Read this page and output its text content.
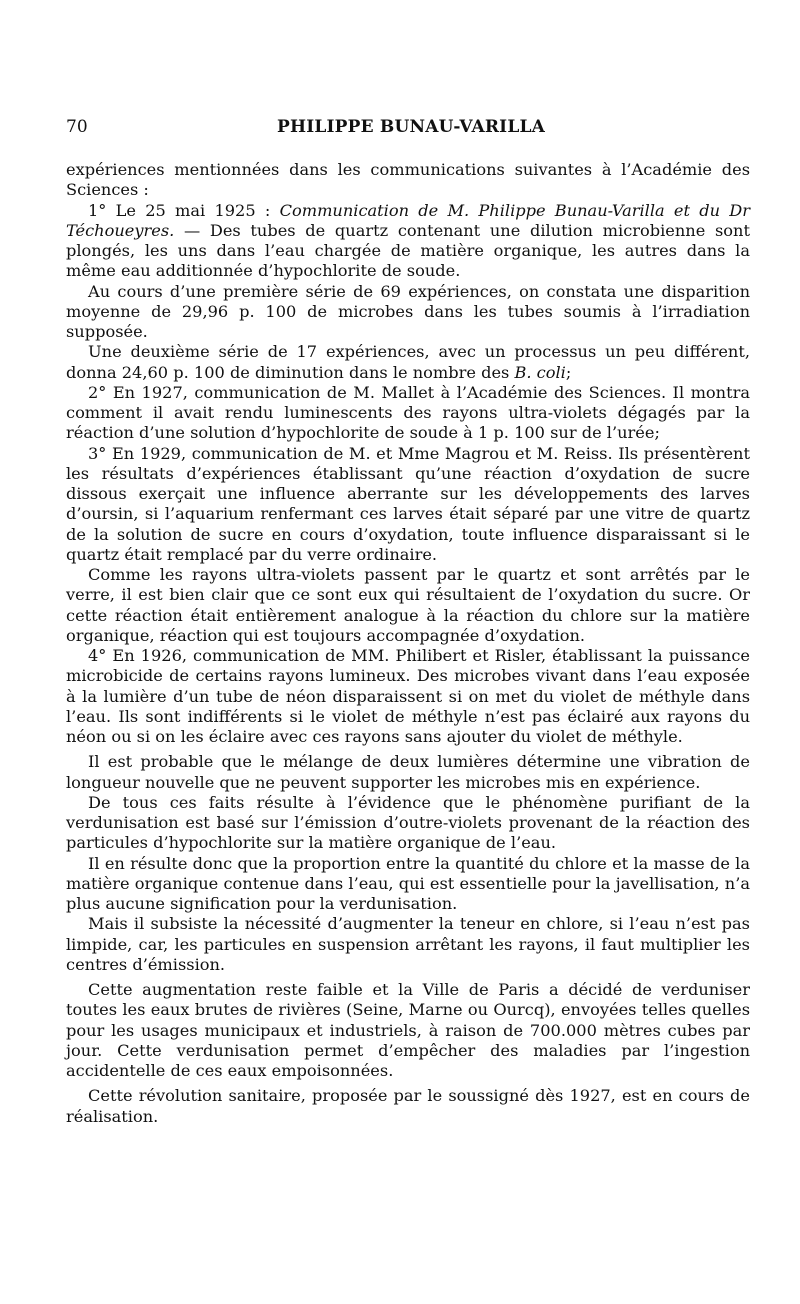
70	PHILIPPE BUNAU-VARILLA

expériences mentionnées dans les communications suivantes à l’Académie des Sciences :

1° Le 25 mai 1925 : Communication de M. Philippe Bunau-Varilla et du Dr Téchoueyres. — Des tubes de quartz contenant une dilution microbienne sont plongés, les uns dans l’eau chargée de matière organique, les autres dans la même eau additionnée d’hypochlorite de soude.

Au cours d’une première série de 69 expériences, on constata une disparition moyenne de 29,96 p. 100 de microbes dans les tubes soumis à l’irradiation supposée.

Une deuxième série de 17 expériences, avec un processus un peu différent, donna 24,60 p. 100 de diminution dans le nombre des B. coli;

2° En 1927, communication de M. Mallet à l’Académie des Sciences. Il montra comment il avait rendu luminescents des rayons ultra-violets dégagés par la réaction d’une solution d’hypochlorite de soude à 1 p. 100 sur de l’urée;

3° En 1929, communication de M. et Mme Magrou et M. Reiss. Ils présentèrent les résultats d’expériences établissant qu’une réaction d’oxydation de sucre dissous exerçait une influence aberrante sur les développements des larves d’oursin, si l’aquarium renfermant ces larves était séparé par une vitre de quartz de la solution de sucre en cours d’oxydation, toute influence disparaissant si le quartz était remplacé par du verre ordinaire.

Comme les rayons ultra-violets passent par le quartz et sont arrêtés par le verre, il est bien clair que ce sont eux qui résultaient de l’oxydation du sucre. Or cette réaction était entièrement analogue à la réaction du chlore sur la matière organique, réaction qui est toujours accompagnée d’oxydation.

4° En 1926, communication de MM. Philibert et Risler, établissant la puissance microbicide de certains rayons lumineux. Des microbes vivant dans l’eau exposée à la lumière d’un tube de néon disparaissent si on met du violet de méthyle dans l’eau. Ils sont indifférents si le violet de méthyle n’est pas éclairé aux rayons du néon ou si on les éclaire avec ces rayons sans ajouter du violet de méthyle.

Il est probable que le mélange de deux lumières détermine une vibration de longueur nouvelle que ne peuvent supporter les microbes mis en expérience.

De tous ces faits résulte à l’évidence que le phénomène purifiant de la verdunisation est basé sur l’émission d’outre-violets provenant de la réaction des particules d’hypochlorite sur la matière organique de l’eau.

Il en résulte donc que la proportion entre la quantité du chlore et la masse de la matière organique contenue dans l’eau, qui est essentielle pour la javellisation, n’a plus aucune signification pour la verdunisation.

Mais il subsiste la nécessité d’augmenter la teneur en chlore, si l’eau n’est pas limpide, car, les particules en suspension arrêtant les rayons, il faut multiplier les centres d’émission.

Cette augmentation reste faible et la Ville de Paris a décidé de verduniser toutes les eaux brutes de rivières (Seine, Marne ou Ourcq), envoyées telles quelles pour les usages municipaux et industriels, à raison de 700.000 mètres cubes par jour. Cette verdunisation permet d’empêcher des maladies par l’ingestion accidentelle de ces eaux empoisonnées.

Cette révolution sanitaire, proposée par le soussigné dès 1927, est en cours de réalisation.
